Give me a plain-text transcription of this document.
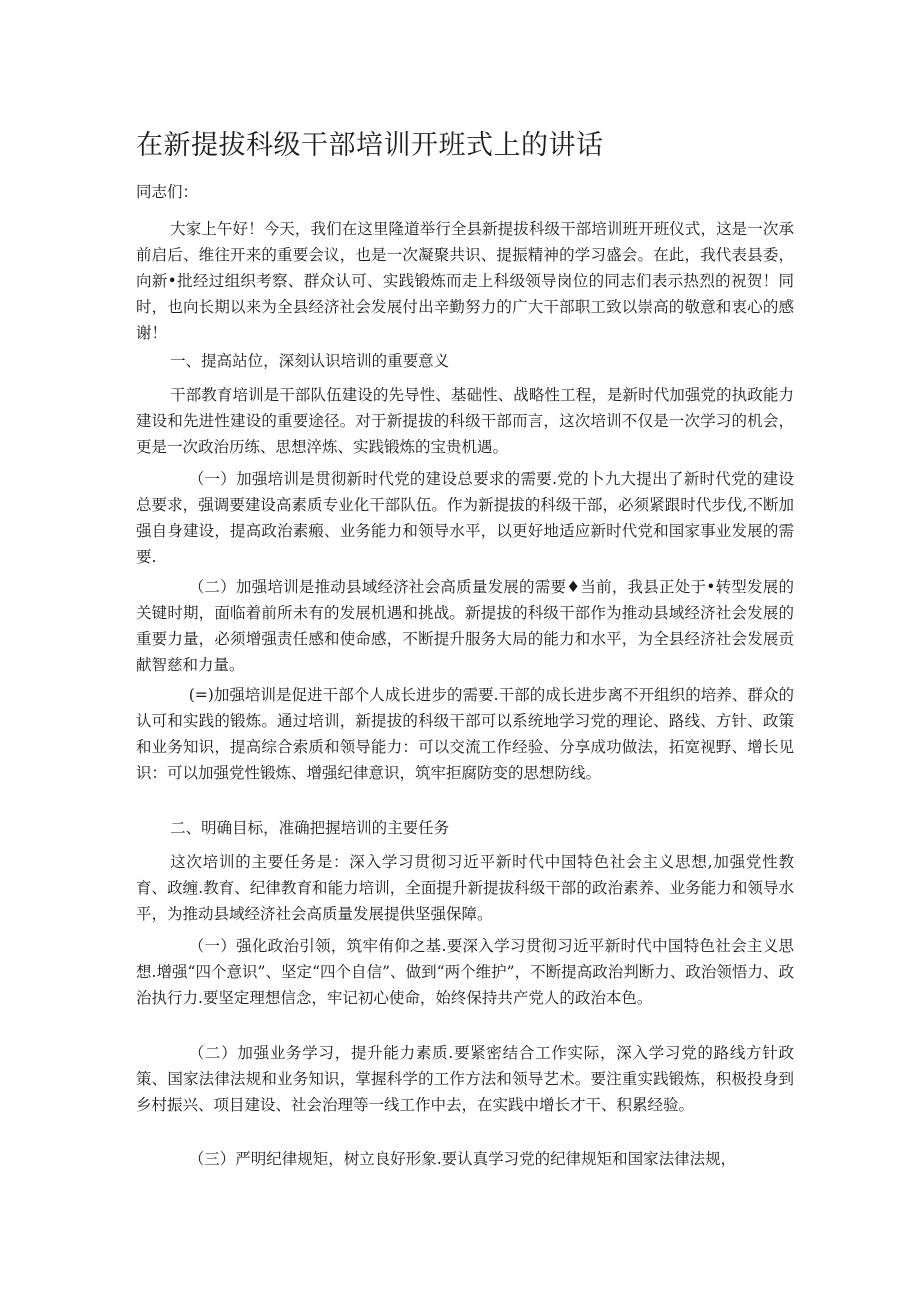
在新提拔科级干部培训开班式上的讲话

同志们：

大家上午好！今天，我们在这里隆道举行全县新提拔科级干部培训班开班仪式，这是一次承前启后、维往开来的重要会议，也是一次凝聚共识、提振精神的学习盛会。在此，我代表县委，向新•批经过组织考察、群众认可、实践锻炼而走上科级领导岗位的同志们表示热烈的祝贺！同时，也向长期以来为全县经济社会发展付出辛勤努力的广大干部职工致以崇高的敬意和衷心的感谢！

一、提高站位，深刻认识培训的重要意义

干部教育培训是干部队伍建设的先导性、基础性、战略性工程，是新时代加强党的执政能力建设和先进性建设的重要途径。对于新提拔的科级干部而言，这次培训不仅是一次学习的机会，更是一次政治历练、思想淬炼、实践锻炼的宝贵机遇。

（一）加强培训是贯彻新时代党的建设总要求的需要.党的卜九大提出了新时代党的建设总要求，强调要建设高素质专业化干部队伍。作为新提拔的科级干部，必须紧跟时代步伐,不断加强自身建设，提高政治素瘢、业务能力和领导水平，以更好地适应新时代党和国家事业发展的需要.

（二）加强培训是推动县域经济社会高质量发展的需要♦当前，我县正处于•转型发展的关键时期，面临着前所未有的发展机遇和挑战。新提拔的科级干部作为推动县域经济社会发展的重要力量，必须增强责任感和使命感，不断提升服务大局的能力和水平，为全县经济社会发展贡献智慈和力量。

(=)加强培训是促进干部个人成长进步的需要.干部的成长进步离不开组织的培养、群众的认可和实践的锻炼。通过培训，新提拔的科级干部可以系统地学习党的理论、路线、方针、政策和业务知识，提高综合索质和领导能力：可以交流工作经验、分享成功做法，拓宽视野、增长见识：可以加强党性锻炼、增强纪律意识，筑牢拒腐防变的思想防线。

二、明确目标，准确把握培训的主要任务

这次培训的主要任务是：深入学习贯彻习近平新时代中国特色社会主义思想,加强党性教育、政缠.教育、纪律教育和能力培训，全面提升新提拔科级干部的政治素养、业务能力和领导水平，为推动县域经济社会高质量发展提供坚强保障。

（一）强化政治引领，筑牢侑仰之基.要深入学习贯彻习近平新时代中国特色社会主义思想.增强“四个意识”、坚定“四个自信”、做到“两个维护”，不断提高政治判断力、政治领悟力、政治执行力.要坚定理想信念，牢记初心使命，始终保持共产党人的政治本色。

（二）加强业务学习，提升能力素质.要紧密结合工作实际，深入学习党的路线方针政策、国家法律法规和业务知识，掌握科学的工作方法和领导艺术。要注重实践锻炼，积极投身到乡村振兴、项目建设、社会治理等一线工作中去，在实践中增长才干、积累经验。

（三）严明纪律规矩，树立良好形象.要认真学习党的纪律规矩和国家法律法规，
